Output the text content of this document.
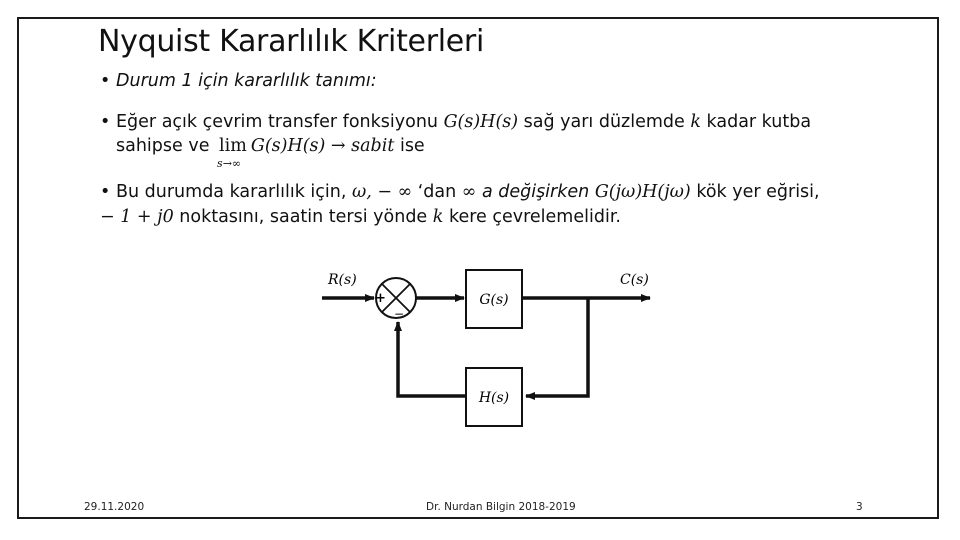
Nyquist Kararlılık Kriterleri
• Durum 1 için kararlılık tanımı:
• Eğer açık çevrim transfer fonksiyonu G(s)H(s) sağ yarı düzlemde k kadar kutba
sahipse ve lim
s→∞
G(s)H(s) → sabit ise
• Bu durumda kararlılık için, ω, − ∞ ‘dan ∞ a değişirken G(jω)H(jω) kök yer eğrisi,
− 1 + j0 noktasını, saatin tersi yönde k kere çevrelemelidir.
R(s)
+
−
G(s)
C(s)
H(s)
29.11.2020	Dr. Nurdan Bilgin 2018-2019	3
